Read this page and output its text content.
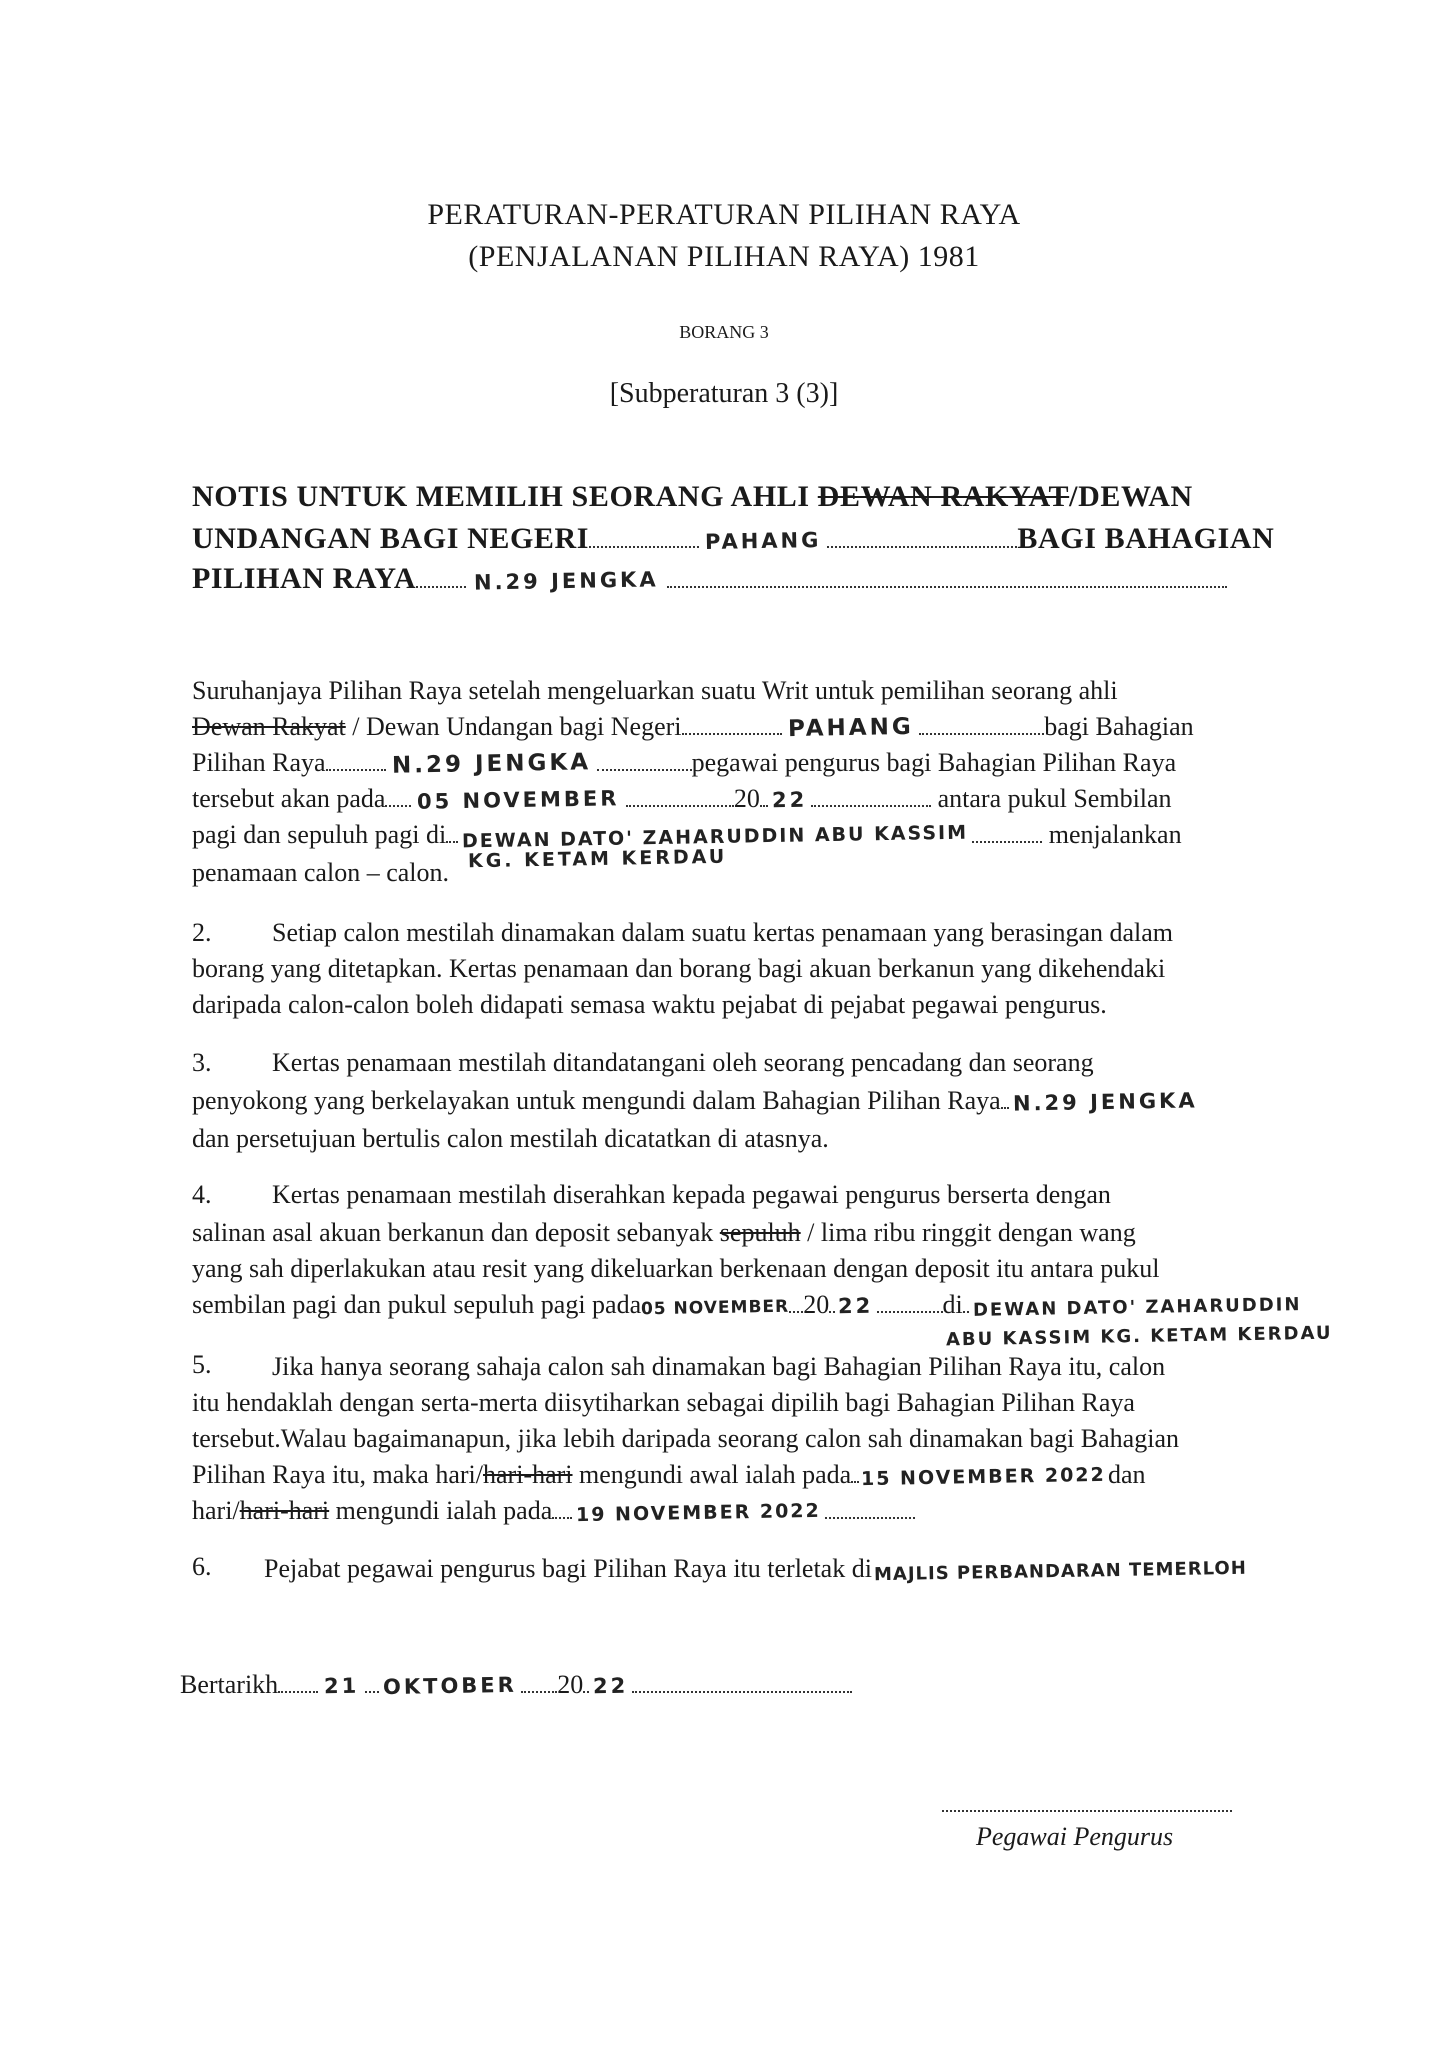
PERATURAN-PERATURAN PILIHAN RAYA
(PENJALANAN PILIHAN RAYA) 1981
BORANG 3
[Subperaturan 3 (3)]
NOTIS UNTUK MEMILIH SEORANG AHLI DEWAN RAKYAT/DEWAN
UNDANGAN BAGI NEGERI	PAHANG	BAGI BAHAGIAN
PILIHAN RAYA	N.29 JENGKA
Suruhanjaya Pilihan Raya setelah mengeluarkan suatu Writ untuk pemilihan seorang ahli
Dewan Rakyat / Dewan Undangan bagi Negeri	PAHANG	bagi Bahagian
Pilihan Raya	N.29 JENGKA	pegawai pengurus bagi Bahagian Pilihan Raya
tersebut akan pada 05 NOVEMBER	20 22	antara pukul Sembilan
pagi dan sepuluh pagi di DEWAN DATO' ZAHARUDDIN ABU KASSIM	menjalankan
penamaan calon – calon. KG. KETAM KERDAU
2. Setiap calon mestilah dinamakan dalam suatu kertas penamaan yang berasingan dalam
borang yang ditetapkan. Kertas penamaan dan borang bagi akuan berkanun yang dikehendaki
daripada calon-calon boleh didapati semasa waktu pejabat di pejabat pegawai pengurus.
3. Kertas penamaan mestilah ditandatangani oleh seorang pencadang dan seorang
penyokong yang berkelayakan untuk mengundi dalam Bahagian Pilihan Raya N.29 JENGKA
dan persetujuan bertulis calon mestilah dicatatkan di atasnya.
4. Kertas penamaan mestilah diserahkan kepada pegawai pengurus berserta dengan
salinan asal akuan berkanun dan deposit sebanyak sepuluh / lima ribu ringgit dengan wang
yang sah diperlakukan atau resit yang dikeluarkan berkenaan dengan deposit itu antara pukul
sembilan pagi dan pukul sepuluh pagi pada05 NOVEMBER 20 22	di DEWAN DATO' ZAHARUDDIN
ABU KASSIM KG. KETAM KERDAU
5. Jika hanya seorang sahaja calon sah dinamakan bagi Bahagian Pilihan Raya itu, calon
itu hendaklah dengan serta-merta diisytiharkan sebagai dipilih bagi Bahagian Pilihan Raya
tersebut.Walau bagaimanapun, jika lebih daripada seorang calon sah dinamakan bagi Bahagian
Pilihan Raya itu, maka hari/hari-hari mengundi awal ialah pada 15 NOVEMBER 2022dan
hari/hari-hari mengundi ialah pada 19 NOVEMBER 2022
6. Pejabat pegawai pengurus bagi Pilihan Raya itu terletak di MAJLIS PERBANDARAN TEMERLOH
Bertarikh 21 OKTOBER 20 22
Pegawai Pengurus
